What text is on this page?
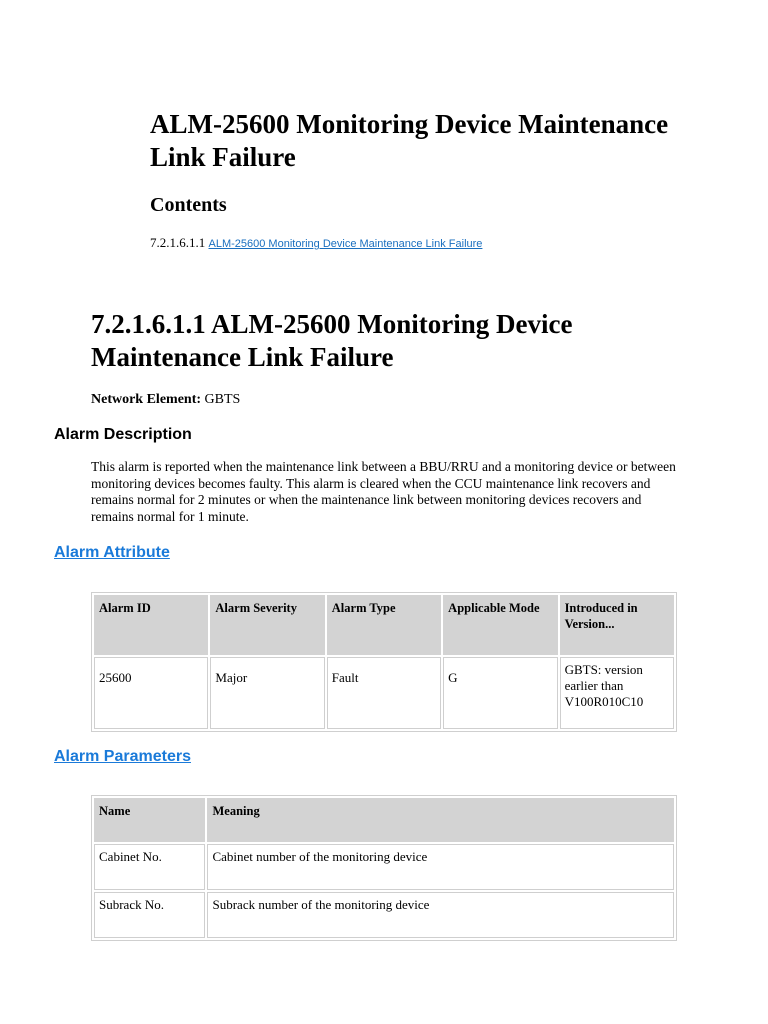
ALM-25600 Monitoring Device Maintenance Link Failure
Contents
7.2.1.6.1.1 ALM-25600 Monitoring Device Maintenance Link Failure
7.2.1.6.1.1 ALM-25600 Monitoring Device Maintenance Link Failure
Network Element: GBTS
Alarm Description

This alarm is reported when the maintenance link between a BBU/RRU and a monitoring device or between monitoring devices becomes faulty. This alarm is cleared when the CCU maintenance link recovers and remains normal for 2 minutes or when the maintenance link between monitoring devices recovers and remains normal for 1 minute.

Alarm Attribute
Alarm ID	Alarm Severity	Alarm Type	Applicable Mode	Introduced in Version...
25600	Major	Fault	G	GBTS: version earlier than V100R010C10
Alarm Parameters
Name	Meaning
Cabinet No.	Cabinet number of the monitoring device
Subrack No.	Subrack number of the monitoring device
